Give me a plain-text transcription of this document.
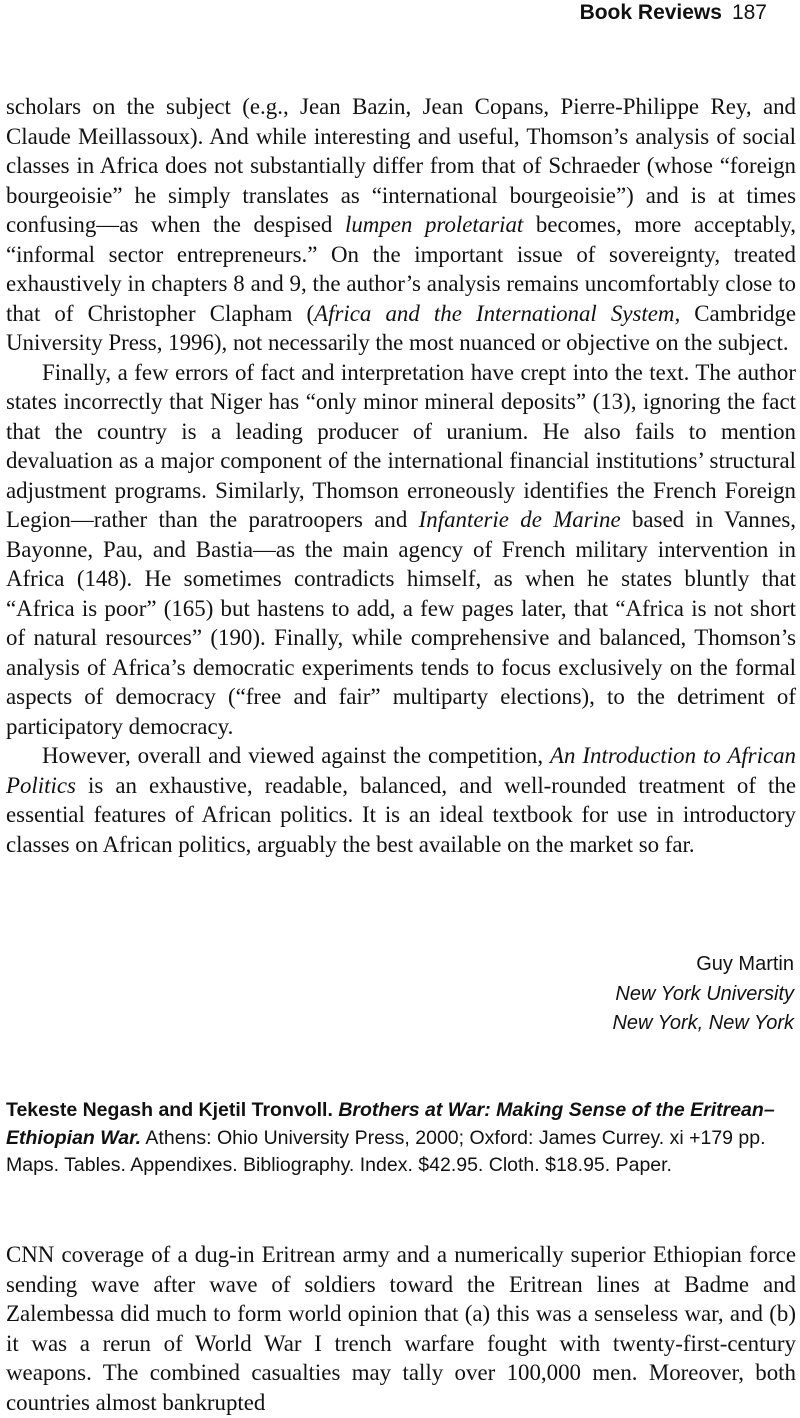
Book Reviews 187

scholars on the subject (e.g., Jean Bazin, Jean Copans, Pierre-Philippe Rey, and Claude Meillassoux). And while interesting and useful, Thomson’s analysis of social classes in Africa does not substantially differ from that of Schraeder (whose “foreign bourgeoisie” he simply translates as “international bourgeoisie”) and is at times confusing—as when the despised lumpen proletariat becomes, more acceptably, “informal sector entrepreneurs.” On the important issue of sovereignty, treated exhaustively in chapters 8 and 9, the author’s analysis remains uncomfortably close to that of Christopher Clapham (Africa and the International System, Cambridge University Press, 1996), not necessarily the most nuanced or objective on the subject.

Finally, a few errors of fact and interpretation have crept into the text. The author states incorrectly that Niger has “only minor mineral deposits” (13), ignoring the fact that the country is a leading producer of uranium. He also fails to mention devaluation as a major component of the international financial institutions’ structural adjustment programs. Similarly, Thomson erroneously identifies the French Foreign Legion—rather than the paratroopers and Infanterie de Marine based in Vannes, Bayonne, Pau, and Bastia—as the main agency of French military intervention in Africa (148). He sometimes contradicts himself, as when he states bluntly that “Africa is poor” (165) but hastens to add, a few pages later, that “Africa is not short of natural resources” (190). Finally, while comprehensive and balanced, Thomson’s analysis of Africa’s democratic experiments tends to focus exclusively on the formal aspects of democracy (“free and fair” multiparty elections), to the detriment of participatory democracy.

However, overall and viewed against the competition, An Introduction to African Politics is an exhaustive, readable, balanced, and well-rounded treatment of the essential features of African politics. It is an ideal textbook for use in introductory classes on African politics, arguably the best available on the market so far.

Guy Martin
New York University
New York, New York
Tekeste Negash and Kjetil Tronvoll. Brothers at War: Making Sense of the Eritrean–Ethiopian War. Athens: Ohio University Press, 2000; Oxford: James Currey. xi +179 pp. Maps. Tables. Appendixes. Bibliography. Index. $42.95. Cloth. $18.95. Paper.

CNN coverage of a dug-in Eritrean army and a numerically superior Ethiopian force sending wave after wave of soldiers toward the Eritrean lines at Badme and Zalembessa did much to form world opinion that (a) this was a senseless war, and (b) it was a rerun of World War I trench warfare fought with twenty-first-century weapons. The combined casualties may tally over 100,000 men. Moreover, both countries almost bankrupted
